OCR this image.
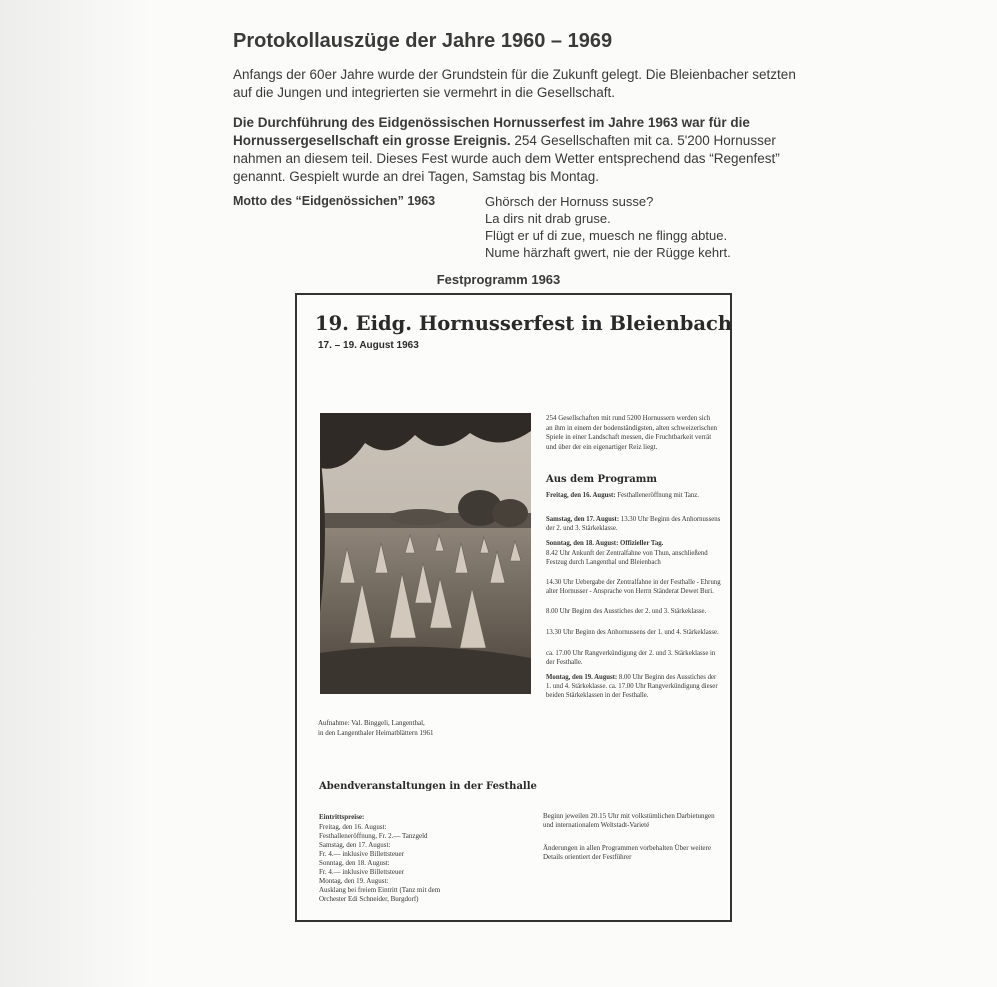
Protokollauszüge der Jahre 1960 – 1969

Anfangs der 60er Jahre wurde der Grundstein für die Zukunft gelegt. Die Bleienbacher setzten auf die Jungen und integrierten sie vermehrt in die Gesellschaft.

Die Durchführung des Eidgenössischen Hornusserfest im Jahre 1963 war für die Hornussergesellschaft ein grosse Ereignis. 254 Gesellschaften mit ca. 5'200 Hornusser nahmen an diesem teil. Dieses Fest wurde auch dem Wetter entsprechend das “Regenfest” genannt. Gespielt wurde an drei Tagen, Samstag bis Montag.

Motto des “Eidgenössichen” 1963	Ghörsch der Hornuss susse?
La dirs nit drab gruse.
Flügt er uf di zue, muesch ne flingg abtue.
Nume härzhaft gwert, nie der Rügge kehrt.
Festprogramm 1963
19. Eidg. Hornusserfest in Bleienbach
17. – 19. August 1963
Aufnahme: Val. Binggeli, Langenthal,
in den Langenthaler Heimatblättern 1961
254 Gesellschaften mit rund 5200 Hornussern werden sich an ihm in einem der bodenständigsten, alten schweizerischen Spiele in einer Landschaft messen, die Fruchtbarkeit verrät und über der ein eigenartiger Reiz liegt.
Aus dem Programm

Freitag, den 16. August: Festhalleneröffnung mit Tanz.

Samstag, den 17. August: 13.30 Uhr Beginn des Anhornussens der 2. und 3. Stärkeklasse.

Sonntag, den 18. August: Offizieller Tag.

8.42 Uhr Ankunft der Zentralfahne von Thun, anschließend Festzug durch Langenthal und Bleienbach

14.30 Uhr Uebergabe der Zentralfahne in der Festhalle - Ehrung alter Hornusser - Ansprache von Herrn Ständerat Dewet Buri.

8.00 Uhr Beginn des Ausstiches der 2. und 3. Stärkeklasse.

13.30 Uhr Beginn des Anhornussens der 1. und 4. Stärkeklasse.

ca. 17.00 Uhr Rangverkündigung der 2. und 3. Stärkeklasse in der Festhalle.

Montag, den 19. August: 8.00 Uhr Beginn des Ausstiches der 1. und 4. Stärkeklasse. ca. 17.00 Uhr Rangverkündigung dieser beiden Stärkeklassen in der Festhalle.

Abendveranstaltungen in der Festhalle
Eintrittspreise:
Freitag, den 16. August:
Festhalleneröffnung, Fr. 2.— Tanzgeld
Samstag, den 17. August:
Fr. 4.— inklusive Billettsteuer
Sonntag, den 18. August:
Fr. 4.— inklusive Billettsteuer
Montag, den 19. August:
Ausklang bei freiem Eintritt (Tanz mit dem
Orchester Edi Schneider, Burgdorf)

Beginn jeweilen 20.15 Uhr mit volkstümlichen Darbietungen und internationalem Weltstadt-Varieté

Änderungen in allen Programmen vorbehalten Über weitere Details orientiert der Festführer
